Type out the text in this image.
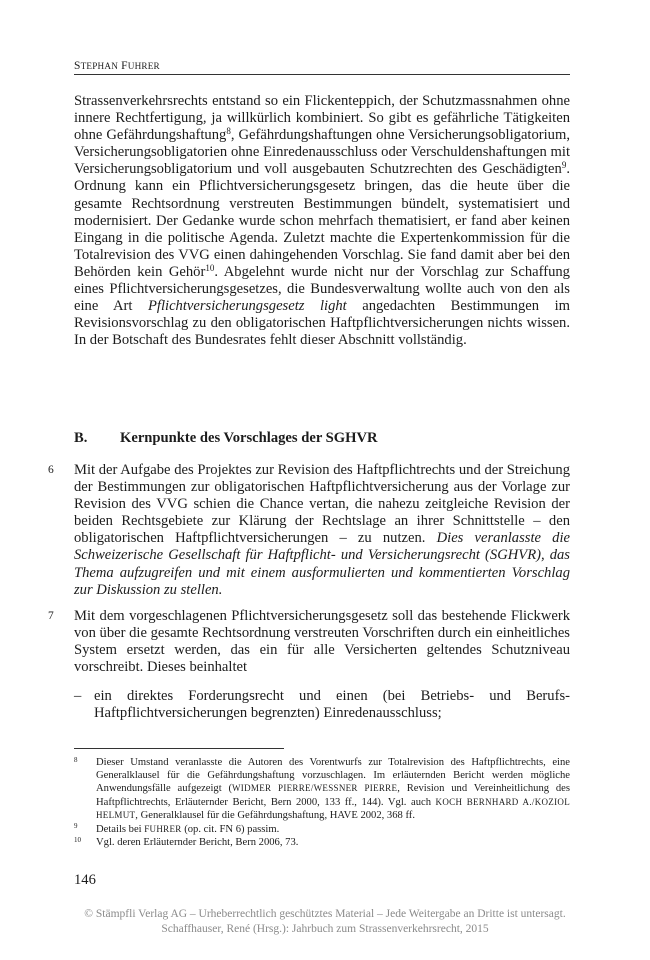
STEPHAN FUHRER

Strassenverkehrsrechts entstand so ein Flickenteppich, der Schutzmassnahmen ohne innere Rechtfertigung, ja willkürlich kombiniert. So gibt es gefährliche Tätigkeiten ohne Gefährdungshaftung$^8$, Gefährdungshaftungen ohne Versicherungsobligatorium, Versicherungsobligatorien ohne Einredenausschluss oder Verschuldenshaftungen mit Versicherungsobligatorium und voll ausgebauten Schutzrechten des Geschädigten$^9$. Ordnung kann ein Pflichtversicherungsgesetz bringen, das die heute über die gesamte Rechtsordnung verstreuten Bestimmungen bündelt, systematisiert und modernisiert. Der Gedanke wurde schon mehrfach thematisiert, er fand aber keinen Eingang in die politische Agenda. Zuletzt machte die Expertenkommission für die Totalrevision des VVG einen dahingehenden Vorschlag. Sie fand damit aber bei den Behörden kein Gehör$^{10}$. Abgelehnt wurde nicht nur der Vorschlag zur Schaffung eines Pflichtversicherungsgesetzes, die Bundesverwaltung wollte auch von den als eine Art Pflichtversicherungsgesetz light angedachten Bestimmungen im Revisionsvorschlag zu den obligatorischen Haftpflichtversicherungen nichts wissen. In der Botschaft des Bundesrates fehlt dieser Abschnitt vollständig.

B. Kernpunkte des Vorschlages der SGHVR
6 Mit der Aufgabe des Projektes zur Revision des Haftpflichtrechts und der Streichung der Bestimmungen zur obligatorischen Haftpflichtversicherung aus der Vorlage zur Revision des VVG schien die Chance vertan, die nahezu zeitgleiche Revision der beiden Rechtsgebiete zur Klärung der Rechtslage an ihrer Schnittstelle – den obligatorischen Haftpflichtversicherungen – zu nutzen. Dies veranlasste die Schweizerische Gesellschaft für Haftpflicht- und Versicherungsrecht (SGHVR), das Thema aufzugreifen und mit einem ausformulierten und kommentierten Vorschlag zur Diskussion zu stellen.

7 Mit dem vorgeschlagenen Pflichtversicherungsgesetz soll das bestehende Flickwerk von über die gesamte Rechtsordnung verstreuten Vorschriften durch ein einheitliches System ersetzt werden, das ein für alle Versicherten geltendes Schutzniveau vorschreibt. Dieses beinhaltet

– ein direktes Forderungsrecht und einen (bei Betriebs- und Berufs-Haftpflichtversicherungen begrenzten) Einredenausschluss;

8 Dieser Umstand veranlasste die Autoren des Vorentwurfs zur Totalrevision des Haftpflichtrechts, eine Generalklausel für die Gefährdungshaftung vorzuschlagen. Im erläuternden Bericht werden mögliche Anwendungsfälle aufgezeigt (WIDMER PIERRE/WESSNER PIERRE, Revision und Vereinheitlichung des Haftpflichtrechts, Erläuternder Bericht, Bern 2000, 133 ff., 144). Vgl. auch KOCH BERNHARD A./KOZIOL HELMUT, Generalklausel für die Gefährdungshaftung, HAVE 2002, 368 ff.
9 Details bei FUHRER (op. cit. FN 6) passim.
10 Vgl. deren Erläuternder Bericht, Bern 2006, 73.
146
© Stämpfli Verlag AG – Urheberrechtlich geschütztes Material – Jede Weitergabe an Dritte ist untersagt.
Schaffhauser, René (Hrsg.): Jahrbuch zum Strassenverkehrsrecht, 2015
